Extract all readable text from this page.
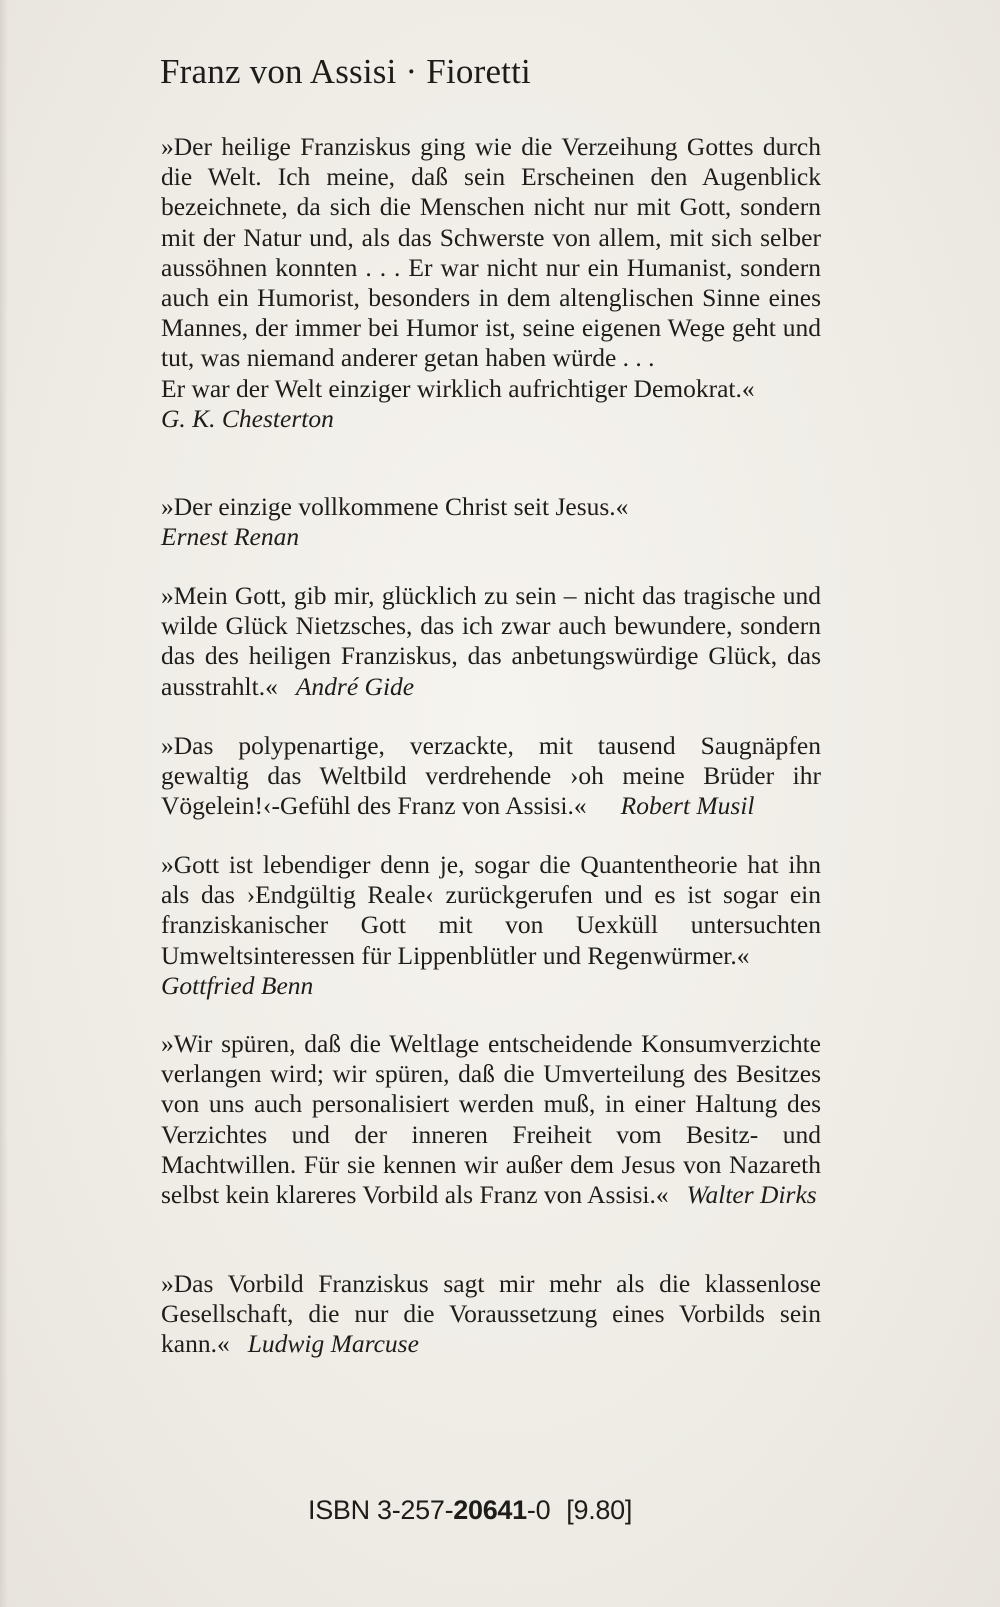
Franz von Assisi · Fioretti

»Der heilige Franziskus ging wie die Verzeihung Gottes durch die Welt. Ich meine, daß sein Erscheinen den Augenblick bezeichnete, da sich die Menschen nicht nur mit Gott, sondern mit der Natur und, als das Schwerste von allem, mit sich selber aussöhnen konnten . . . Er war nicht nur ein Humanist, sondern auch ein Humorist, besonders in dem altenglischen Sinne eines Mannes, der immer bei Humor ist, seine eigenen Wege geht und tut, was niemand anderer getan haben würde . . .

Er war der Welt einziger wirklich aufrichtiger Demokrat.«

G. K. Chesterton

»Der einzige vollkommene Christ seit Jesus.«

Ernest Renan

»Mein Gott, gib mir, glücklich zu sein – nicht das tragische und wilde Glück Nietzsches, das ich zwar auch bewundere, sondern das des heiligen Franziskus, das anbetungswürdige Glück, das ausstrahlt.« André Gide

»Das polypenartige, verzackte, mit tausend Saugnäpfen gewaltig das Weltbild verdrehende ›oh meine Brüder ihr Vögelein!‹-Gefühl des Franz von Assisi.« Robert Musil

»Gott ist lebendiger denn je, sogar die Quantentheorie hat ihn als das ›Endgültig Reale‹ zurückgerufen und es ist sogar ein franziskanischer Gott mit von Uexküll untersuchten Umweltsinteressen für Lippenblütler und Regenwürmer.«

Gottfried Benn

»Wir spüren, daß die Weltlage entscheidende Konsumverzichte verlangen wird; wir spüren, daß die Umverteilung des Besitzes von uns auch personalisiert werden muß, in einer Haltung des Verzichtes und der inneren Freiheit vom Besitz- und Machtwillen. Für sie kennen wir außer dem Jesus von Nazareth selbst kein klareres Vorbild als Franz von Assisi.« Walter Dirks

»Das Vorbild Franziskus sagt mir mehr als die klassenlose Gesellschaft, die nur die Voraussetzung eines Vorbilds sein kann.« Ludwig Marcuse

ISBN 3-257-20641-0 [9.80]
